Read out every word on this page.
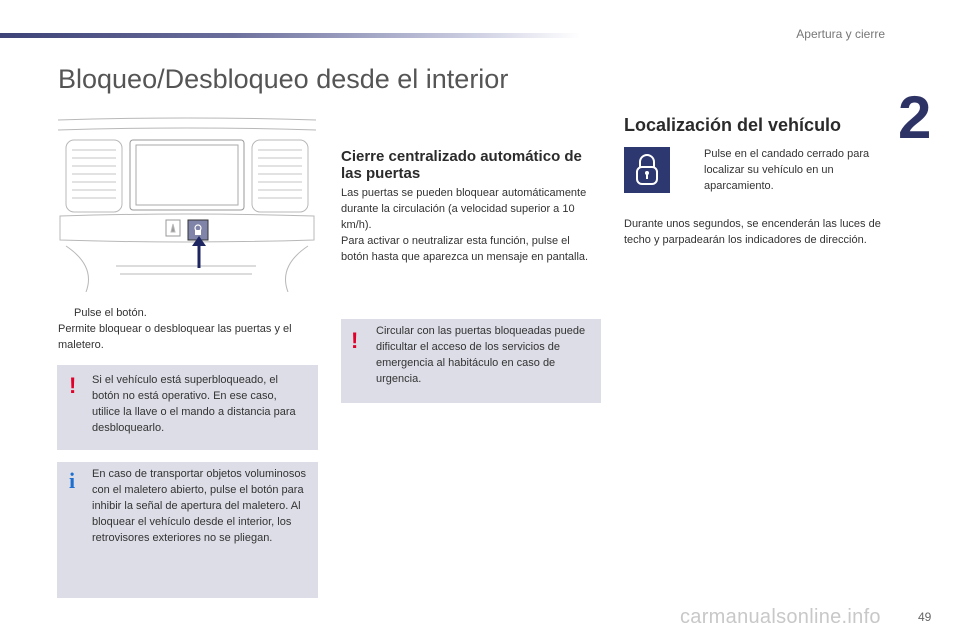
Apertura y cierre
2
Bloqueo/Desbloqueo desde el interior
Pulse el botón.
Permite bloquear o desbloquear las puertas y el maletero.
! Si el vehículo está superbloqueado, el botón no está operativo. En ese caso, utilice la llave o el mando a distancia para desbloquearlo.
i En caso de transportar objetos voluminosos con el maletero abierto, pulse el botón para inhibir la señal de apertura del maletero. Al bloquear el vehículo desde el interior, los retrovisores exteriores no se pliegan.
Cierre centralizado automático de las puertas
Las puertas se pueden bloquear automáticamente durante la circulación (a velocidad superior a 10 km/h).
Para activar o neutralizar esta función, pulse el botón hasta que aparezca un mensaje en pantalla.
! Circular con las puertas bloqueadas puede dificultar el acceso de los servicios de emergencia al habitáculo en caso de urgencia.
Localización del vehículo
Pulse en el candado cerrado para localizar su vehículo en un aparcamiento.
Durante unos segundos, se encenderán las luces de techo y parpadearán los indicadores de dirección.
carmanualsonline.info	49
